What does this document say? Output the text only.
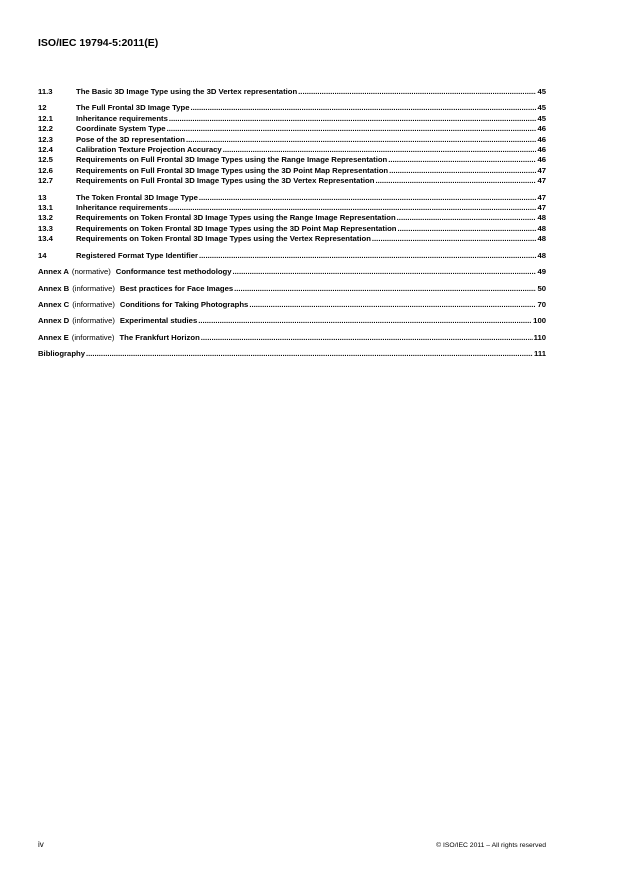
ISO/IEC 19794-5:2011(E)
11.3	The Basic 3D Image Type using the 3D Vertex representation .....	45
12	The Full Frontal 3D Image Type .....	45
12.1	Inheritance requirements .....	45
12.2	Coordinate System Type .....	46
12.3	Pose of the 3D representation .....	46
12.4	Calibration Texture Projection Accuracy .....	46
12.5	Requirements on Full Frontal 3D Image Types using the Range Image Representation .....	46
12.6	Requirements on Full Frontal 3D Image Types using the 3D Point Map Representation .....	47
12.7	Requirements on Full Frontal 3D Image Types using the 3D Vertex Representation .....	47
13	The Token Frontal 3D Image Type .....	47
13.1	Inheritance requirements .....	47
13.2	Requirements on Token Frontal 3D Image Types using the Range Image Representation .....	48
13.3	Requirements on Token Frontal 3D Image Types using the 3D Point Map Representation .....	48
13.4	Requirements on Token Frontal 3D Image Types using the Vertex Representation .....	48
14	Registered Format Type Identifier .....	48
Annex A (normative) Conformance test methodology .....	49
Annex B (informative) Best practices for Face Images .....	50
Annex C (informative) Conditions for Taking Photographs .....	70
Annex D (informative) Experimental studies .....	100
Annex E (informative) The Frankfurt Horizon .....	110
Bibliography .....	111
iv	© ISO/IEC 2011 – All rights reserved
